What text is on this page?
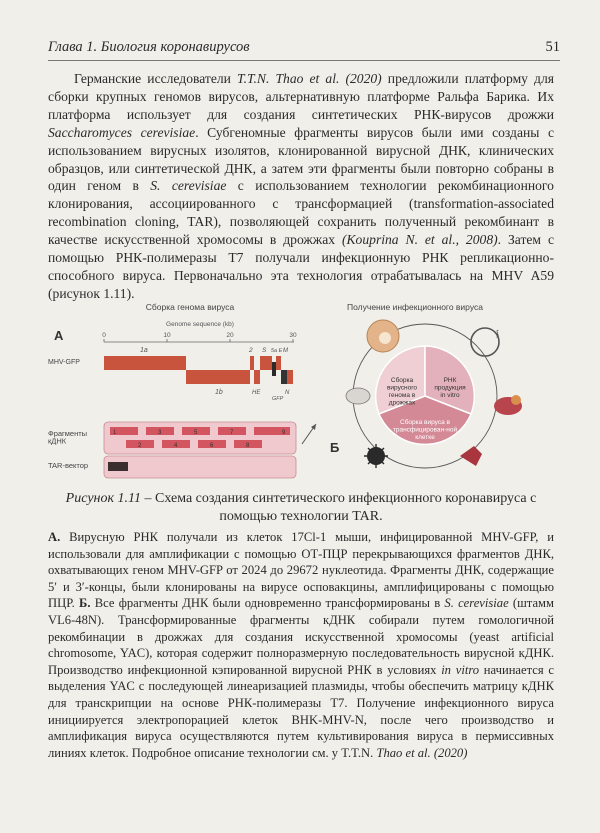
Глава 1. Биология коронавирусов	51
Германские исследователи T.T.N. Thao et al. (2020) предложили платформу для сборки крупных геномов вирусов, альтернативную платформе Ральфа Барика. Их платформа использует для создания синтетических РНК-вирусов дрожжи Saccharomyces cerevisiae. Субгеномные фрагменты вирусов были ими созданы с использованием вирусных изолятов, клонированной вирусной ДНК, клинических образцов, или синтетической ДНК, а затем эти фрагменты были повторно собраны в один геном в S. cerevisiae с использованием технологии рекомбинационного клонирования, ассоциированного с трансформацией (transformation-associated recombination cloning, TAR), позволяющей сохранить полученный рекомбинант в качестве искусственной хромосомы в дрожжах (Kouprina N. et al., 2008). Затем с помощью РНК-полимеразы T7 получали инфекционную РНК репликационно-способного вируса. Первоначально эта технология отрабатывалась на MHV A59 (рисунок 1.11).
Сборка генома вируса	Получение инфекционного вируса
А
Genome sequence (kb)
0	10	20	30
MHV-GFP
1a
1b
2
HE
S 5a E M
N
GFP
Фрагменты кДНК
1	3	5	7	9
2	4	6	8
TAR-вектор
Б
Сборка вирусного генома в дрожжах
РНК продукция in vitro
Сборка вируса в трансфицирован-ной клетке
⟆
Рисунок 1.11 – Схема создания синтетического инфекционного коронавируса с помощью технологии TAR.
А. Вирусную РНК получали из клеток 17Cl-1 мыши, инфицированной MHV-GFP, и использовали для амплификации с помощью ОТ-ПЦР перекрывающихся фрагментов ДНК, охватывающих геном MHV-GFP от 2024 до 29672 нуклеотида. Фрагменты ДНК, содержащие 5′ и 3′-концы, были клонированы на вирусе осповакцины, амплифицированы с помощью ПЦР. Б. Все фрагменты ДНК были одновременно трансформированы в S. cerevisiae (штамм VL6-48N). Трансформированные фрагменты кДНК собирали путем гомологичной рекомбинации в дрожжах для создания искусственной хромосомы (yeast artificial chromosome, YAC), которая содержит полноразмерную последовательность вирусной кДНК. Производство инфекционной кэпированной вирусной РНК в условиях in vitro начинается с выделения YAC с последующей линеаризацией плазмиды, чтобы обеспечить матрицу кДНК для транскрипции на основе РНК-полимеразы T7. Получение инфекционного вируса инициируется электропорацией клеток BHK-MHV-N, после чего производство и амплификация вируса осуществляются путем культивирования вируса в пермиссивных линиях клеток. Подробное описание технологии см. у T.T.N. Thao et al. (2020)
